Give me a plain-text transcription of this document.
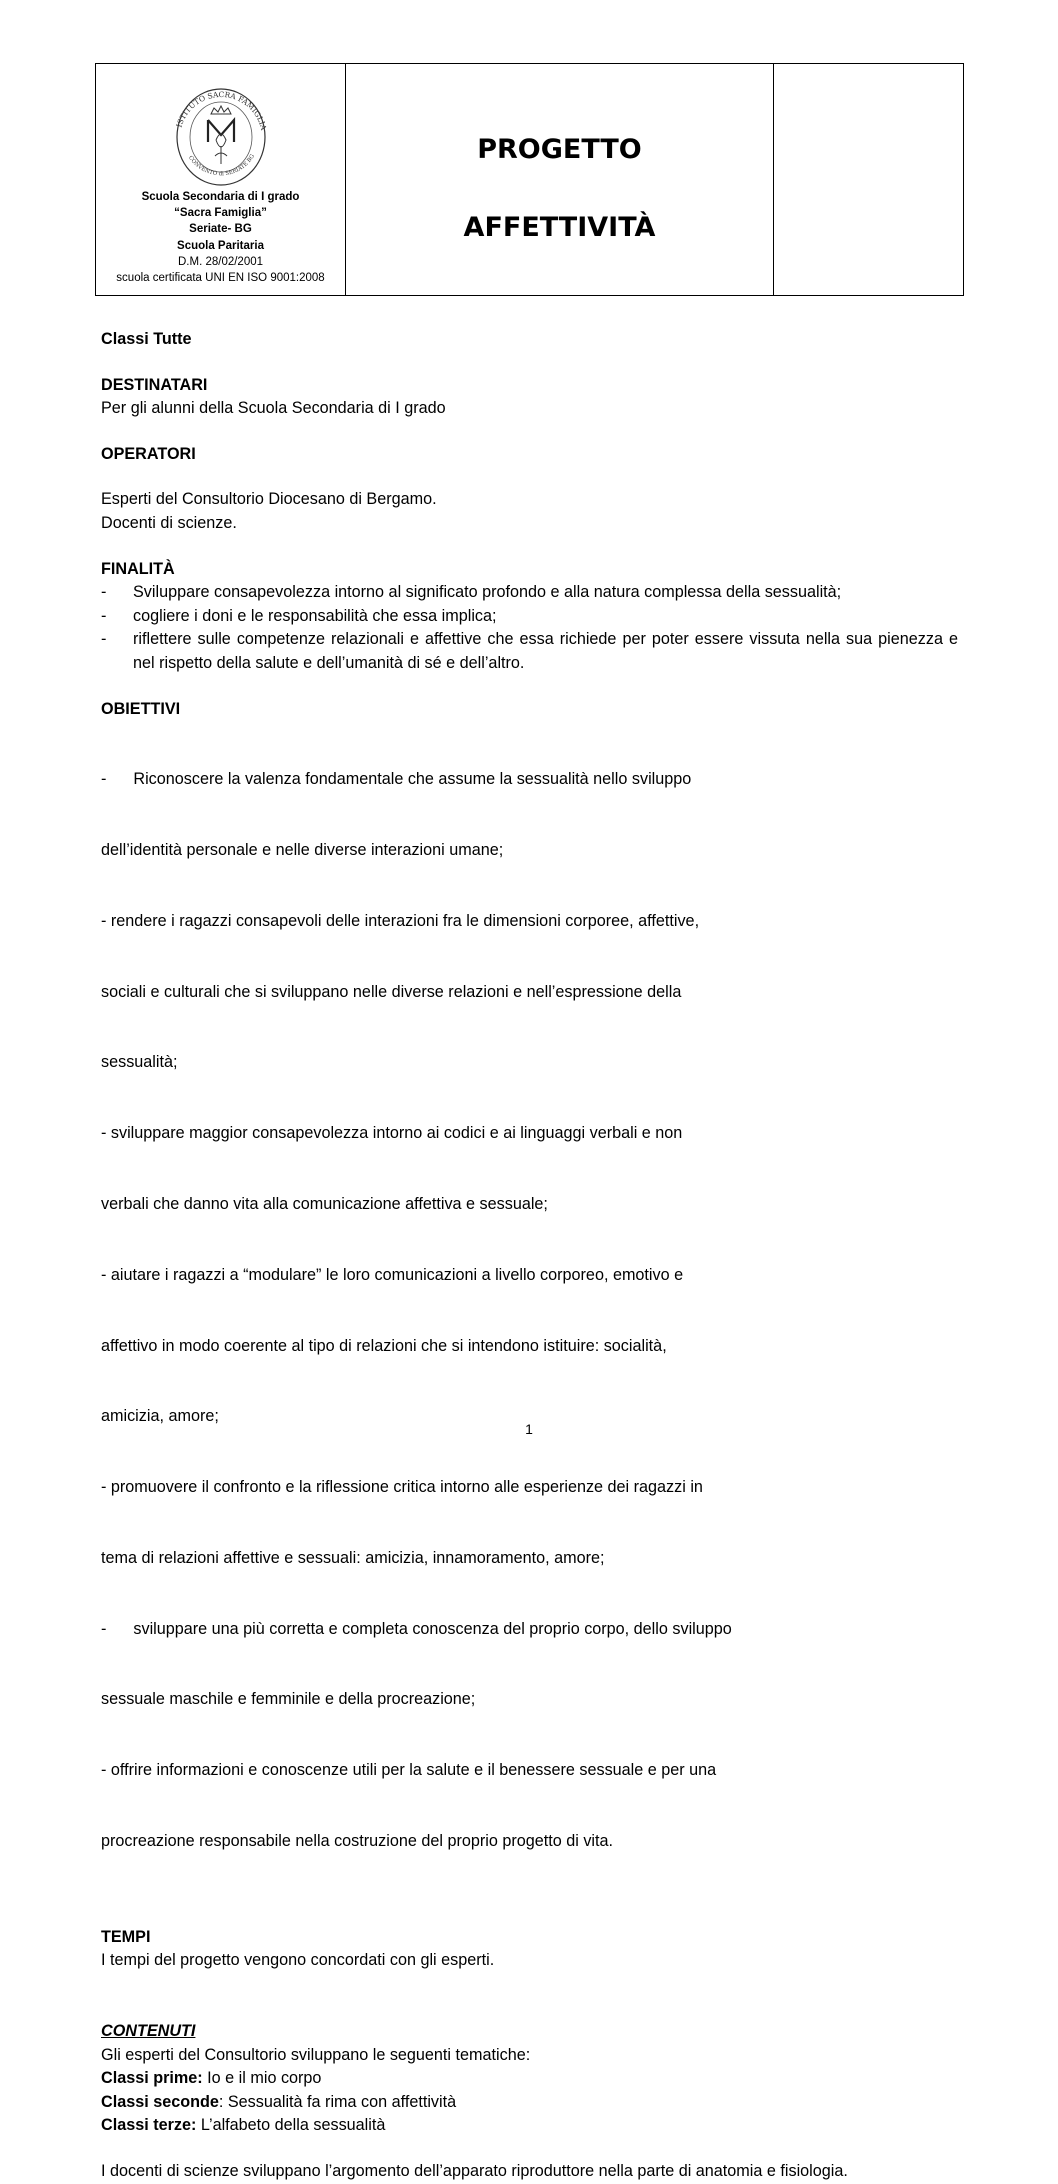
ISTITUTO SACRA FAMIGLIA
CONVENTO di SERIATE BG
Scuola Secondaria di I grado
“Sacra Famiglia”
Seriate- BG
Scuola Paritaria
D.M. 28/02/2001
scuola certificata UNI EN ISO 9001:2008
PROGETTO
AFFETTIVITÀ

Classi Tutte

DESTINATARI

Per gli alunni della Scuola Secondaria di I grado

OPERATORI

Esperti del Consultorio Diocesano di Bergamo.

Docenti di scienze.

FINALITÀ

- Sviluppare consapevolezza intorno al significato profondo e alla natura complessa della sessualità;
- cogliere i doni e le responsabilità che essa implica;
- riflettere sulle competenze relazionali e affettive che essa richiede per poter essere vissuta nella sua pienezza e nel rispetto della salute e dell’umanità di sé e dell’altro.

OBIETTIVI

-      Riconoscere la valenza fondamentale che assume la sessualità nello sviluppo

dell’identità personale e nelle diverse interazioni umane;

- rendere i ragazzi consapevoli delle interazioni fra le dimensioni corporee, affettive,

sociali e culturali che si sviluppano nelle diverse relazioni e nell’espressione della

sessualità;

- sviluppare maggior consapevolezza intorno ai codici e ai linguaggi verbali e non

verbali che danno vita alla comunicazione affettiva e sessuale;

- aiutare i ragazzi a “modulare” le loro comunicazioni a livello corporeo, emotivo e

affettivo in modo coerente al tipo di relazioni che si intendono istituire: socialità,

amicizia, amore;

- promuovere il confronto e la riflessione critica intorno alle esperienze dei ragazzi in

tema di relazioni affettive e sessuali: amicizia, innamoramento, amore;

-      sviluppare una più corretta e completa conoscenza del proprio corpo, dello sviluppo

sessuale maschile e femminile e della procreazione;

- offrire informazioni e conoscenze utili per la salute e il benessere sessuale e per una

procreazione responsabile nella costruzione del proprio progetto di vita.

TEMPI

I tempi del progetto vengono concordati con gli esperti.

CONTENUTI

Gli esperti del Consultorio sviluppano le seguenti tematiche:

Classi prime: Io e il mio corpo

Classi seconde: Sessualità fa rima con affettività

Classi terze: L’alfabeto della sessualità

I docenti di scienze sviluppano l’argomento dell’apparato riproduttore nella parte di anatomia e fisiologia.

1
